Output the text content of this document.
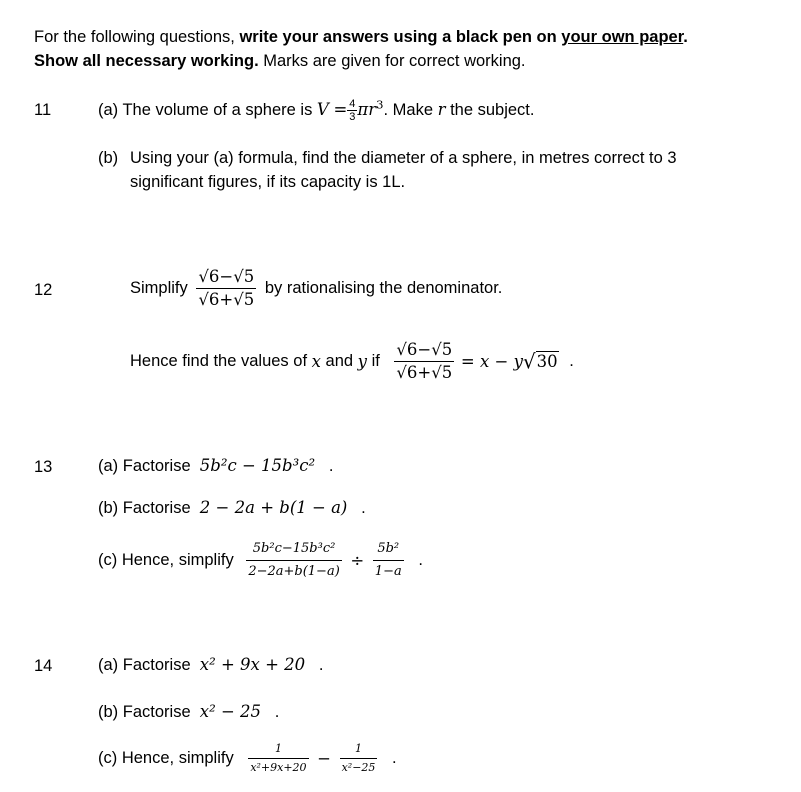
For the following questions, write your answers using a black pen on your own paper.
Show all necessary working. Marks are given for correct working.
11	(a) The volume of a sphere is $V = \frac{4}{3} \pi r^3$. Make r the subject.
(b) Using your (a) formula, find the diameter of a sphere, in metres correct to 3
significant figures, if its capacity is 1L.
12	Simplify $\frac{√6-√5}{√6+√5}$ by rationalising the denominator.
Hence find the values of x and y if $\frac{√6-√5}{√6+√5} = x - y√30$ .
13	(a) Factorise 5b²c − 15b³c² .
(b) Factorise 2 − 2a + b(1 − a) .
(c) Hence, simplify $\frac{\text{5b²c−15b³c²}}{2-2a+b(1-a)} \div \frac{\text{5b²}}{1-a}$ .
14	(a) Factorise x² + 9x + 20 .
(b) Factorise x² − 25 .
(c) Hence, simplify $\frac{1}{\text{x²+9x+20}} - \frac{1}{\text{x²−25}}$ .
